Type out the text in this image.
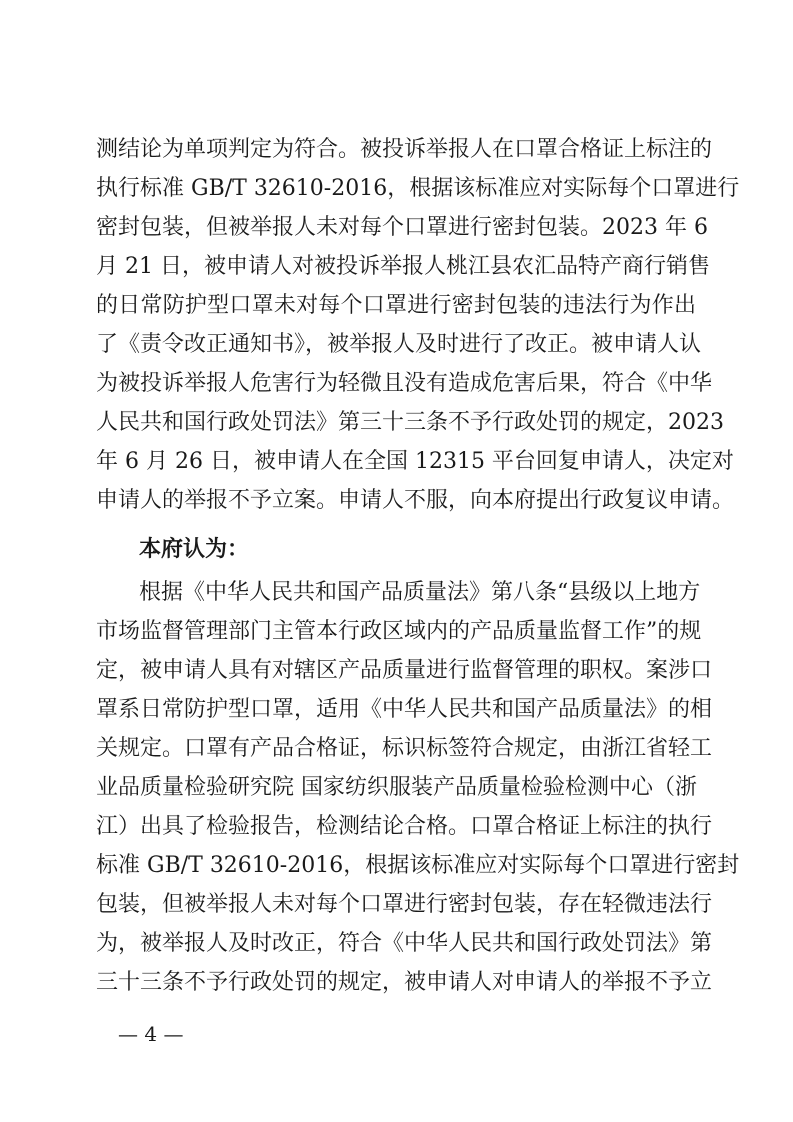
测结论为单项判定为符合。被投诉举报人在口罩合格证上标注的
执行标准 GB/T 32610-2016，根据该标准应对实际每个口罩进行
密封包装，但被举报人未对每个口罩进行密封包装。2023 年 6
月 21 日，被申请人对被投诉举报人桃江县农汇品特产商行销售
的日常防护型口罩未对每个口罩进行密封包装的违法行为作出
了《责令改正通知书》，被举报人及时进行了改正。被申请人认
为被投诉举报人危害行为轻微且没有造成危害后果，符合《中华
人民共和国行政处罚法》第三十三条不予行政处罚的规定，2023
年 6 月 26 日，被申请人在全国 12315 平台回复申请人，决定对
申请人的举报不予立案。申请人不服，向本府提出行政复议申请。
本府认为：
根据《中华人民共和国产品质量法》第八条“县级以上地方
市场监督管理部门主管本行政区域内的产品质量监督工作”的规
定，被申请人具有对辖区产品质量进行监督管理的职权。案涉口
罩系日常防护型口罩，适用《中华人民共和国产品质量法》的相
关规定。口罩有产品合格证，标识标签符合规定，由浙江省轻工
业品质量检验研究院 国家纺织服装产品质量检验检测中心（浙
江）出具了检验报告，检测结论合格。口罩合格证上标注的执行
标准 GB/T 32610-2016，根据该标准应对实际每个口罩进行密封
包装，但被举报人未对每个口罩进行密封包装，存在轻微违法行
为，被举报人及时改正，符合《中华人民共和国行政处罚法》第
三十三条不予行政处罚的规定，被申请人对申请人的举报不予立
— 4 —
